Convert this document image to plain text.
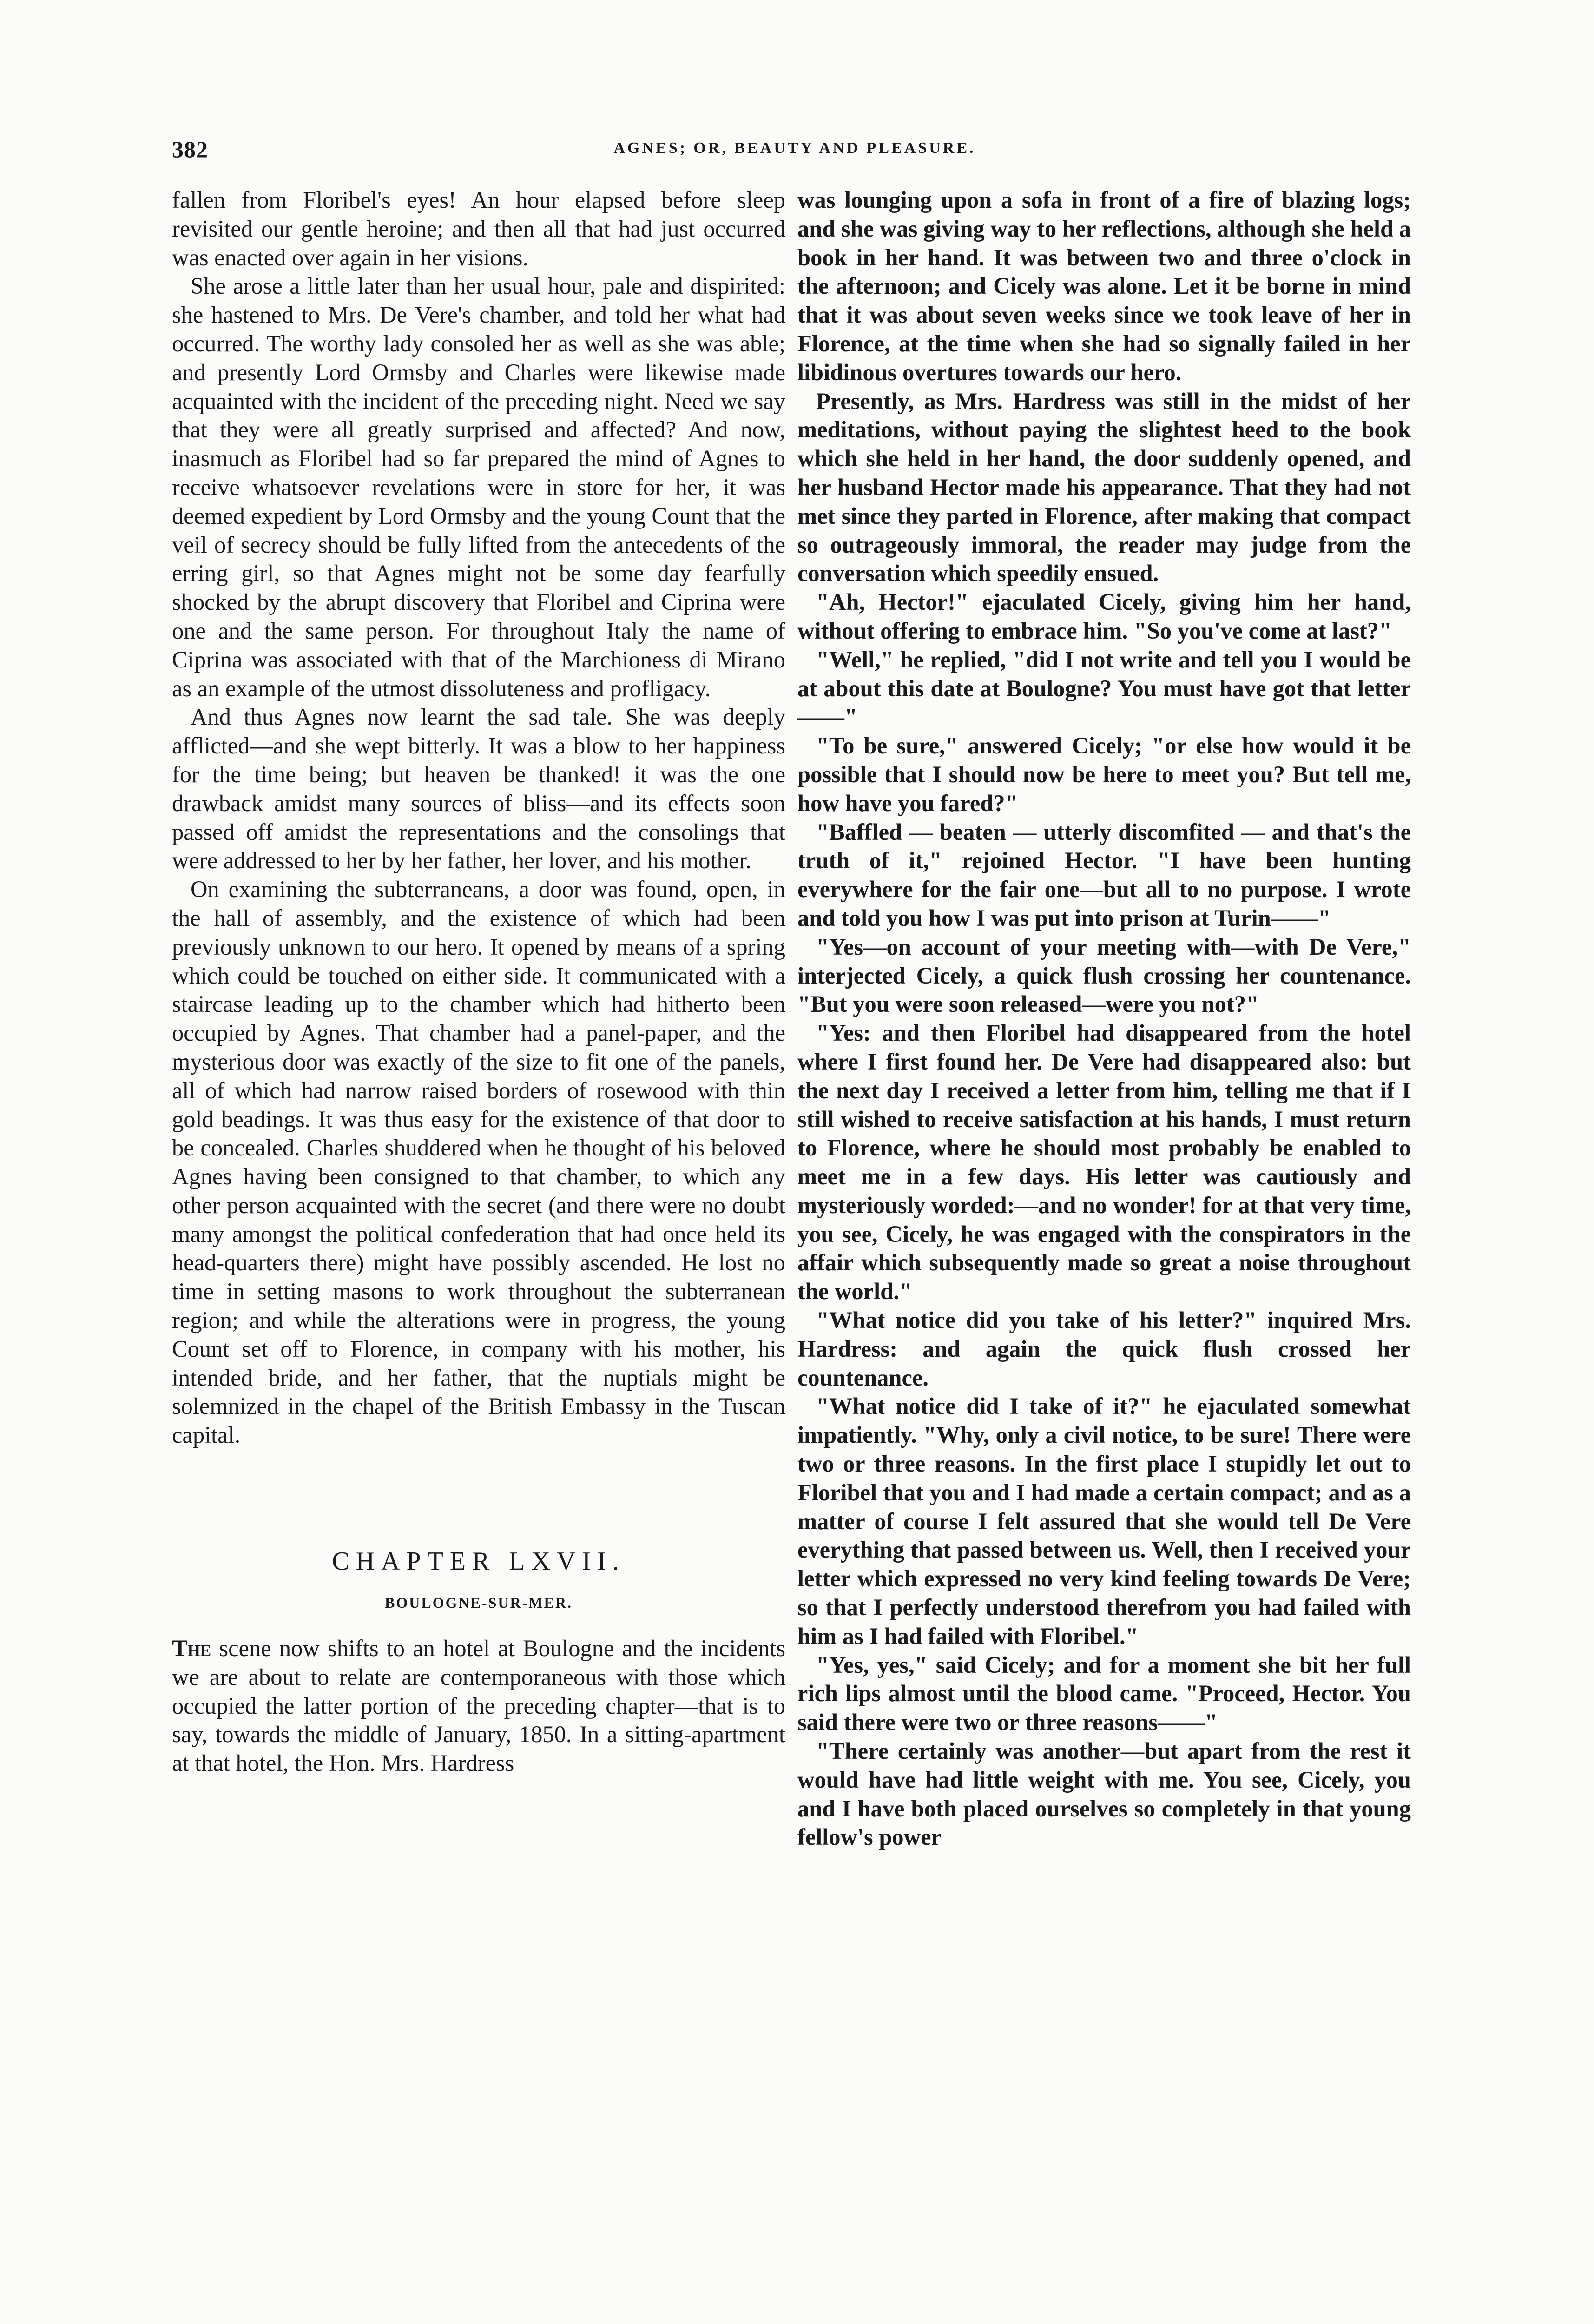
382	AGNES; OR, BEAUTY AND PLEASURE.

fallen from Floribel's eyes! An hour elapsed before sleep revisited our gentle heroine; and then all that had just occurred was enacted over again in her visions.

She arose a little later than her usual hour, pale and dispirited: she hastened to Mrs. De Vere's chamber, and told her what had occurred. The worthy lady consoled her as well as she was able; and presently Lord Ormsby and Charles were likewise made acquainted with the incident of the preceding night. Need we say that they were all greatly surprised and affected? And now, inasmuch as Floribel had so far prepared the mind of Agnes to receive whatsoever revelations were in store for her, it was deemed expedient by Lord Ormsby and the young Count that the veil of secrecy should be fully lifted from the antecedents of the erring girl, so that Agnes might not be some day fearfully shocked by the abrupt discovery that Floribel and Ciprina were one and the same person. For throughout Italy the name of Ciprina was associated with that of the Marchioness di Mirano as an example of the utmost dissoluteness and profligacy.

And thus Agnes now learnt the sad tale. She was deeply afflicted—and she wept bitterly. It was a blow to her happiness for the time being; but heaven be thanked! it was the one drawback amidst many sources of bliss—and its effects soon passed off amidst the representations and the consolings that were addressed to her by her father, her lover, and his mother.

On examining the subterraneans, a door was found, open, in the hall of assembly, and the existence of which had been previously unknown to our hero. It opened by means of a spring which could be touched on either side. It communicated with a staircase leading up to the chamber which had hitherto been occupied by Agnes. That chamber had a panel-paper, and the mysterious door was exactly of the size to fit one of the panels, all of which had narrow raised borders of rosewood with thin gold beadings. It was thus easy for the existence of that door to be concealed. Charles shuddered when he thought of his beloved Agnes having been consigned to that chamber, to which any other person acquainted with the secret (and there were no doubt many amongst the political confederation that had once held its head-quarters there) might have possibly ascended. He lost no time in setting masons to work throughout the subterranean region; and while the alterations were in progress, the young Count set off to Florence, in company with his mother, his intended bride, and her father, that the nuptials might be solemnized in the chapel of the British Embassy in the Tuscan capital.

CHAPTER LXVII.
BOULOGNE-SUR-MER.

The scene now shifts to an hotel at Boulogne and the incidents we are about to relate are contemporaneous with those which occupied the latter portion of the preceding chapter—that is to say, towards the middle of January, 1850. In a sitting-apartment at that hotel, the Hon. Mrs. Hardress

was lounging upon a sofa in front of a fire of blazing logs; and she was giving way to her reflections, although she held a book in her hand. It was between two and three o'clock in the afternoon; and Cicely was alone. Let it be borne in mind that it was about seven weeks since we took leave of her in Florence, at the time when she had so signally failed in her libidinous overtures towards our hero.

Presently, as Mrs. Hardress was still in the midst of her meditations, without paying the slightest heed to the book which she held in her hand, the door suddenly opened, and her husband Hector made his appearance. That they had not met since they parted in Florence, after making that compact so outrageously immoral, the reader may judge from the conversation which speedily ensued.

"Ah, Hector!" ejaculated Cicely, giving him her hand, without offering to embrace him. "So you've come at last?"

"Well," he replied, "did I not write and tell you I would be at about this date at Boulogne? You must have got that letter——"

"To be sure," answered Cicely; "or else how would it be possible that I should now be here to meet you? But tell me, how have you fared?"

"Baffled — beaten — utterly discomfited — and that's the truth of it," rejoined Hector. "I have been hunting everywhere for the fair one—but all to no purpose. I wrote and told you how I was put into prison at Turin——"

"Yes—on account of your meeting with—with De Vere," interjected Cicely, a quick flush crossing her countenance. "But you were soon released—were you not?"

"Yes: and then Floribel had disappeared from the hotel where I first found her. De Vere had disappeared also: but the next day I received a letter from him, telling me that if I still wished to receive satisfaction at his hands, I must return to Florence, where he should most probably be enabled to meet me in a few days. His letter was cautiously and mysteriously worded:—and no wonder! for at that very time, you see, Cicely, he was engaged with the conspirators in the affair which subsequently made so great a noise throughout the world."

"What notice did you take of his letter?" inquired Mrs. Hardress: and again the quick flush crossed her countenance.

"What notice did I take of it?" he ejaculated somewhat impatiently. "Why, only a civil notice, to be sure! There were two or three reasons. In the first place I stupidly let out to Floribel that you and I had made a certain compact; and as a matter of course I felt assured that she would tell De Vere everything that passed between us. Well, then I received your letter which expressed no very kind feeling towards De Vere; so that I perfectly understood therefrom you had failed with him as I had failed with Floribel."

"Yes, yes," said Cicely; and for a moment she bit her full rich lips almost until the blood came. "Proceed, Hector. You said there were two or three reasons——"

"There certainly was another—but apart from the rest it would have had little weight with me. You see, Cicely, you and I have both placed ourselves so completely in that young fellow's power
